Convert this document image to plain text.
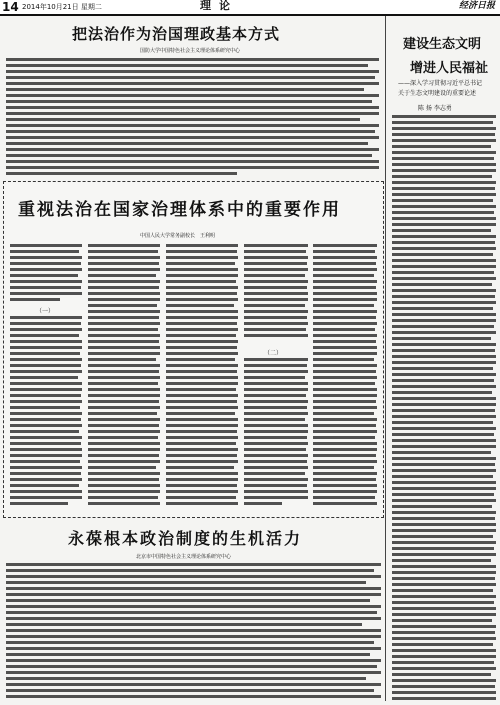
14 2014年10月21日 星期二	理论	经济日报
把法治作为治国理政基本方式
国防大学中国特色社会主义理论体系研究中心
重视法治在国家治理体系中的重要作用
中国人民大学常务副校长　王利明
（一）
（二）
永葆根本政治制度的生机活力
北京市中国特色社会主义理论体系研究中心
建设生态文明
增进人民福祉
——深入学习贯彻习近平总书记
关于生态文明建设的重要论述
陈 扬 李志勇
